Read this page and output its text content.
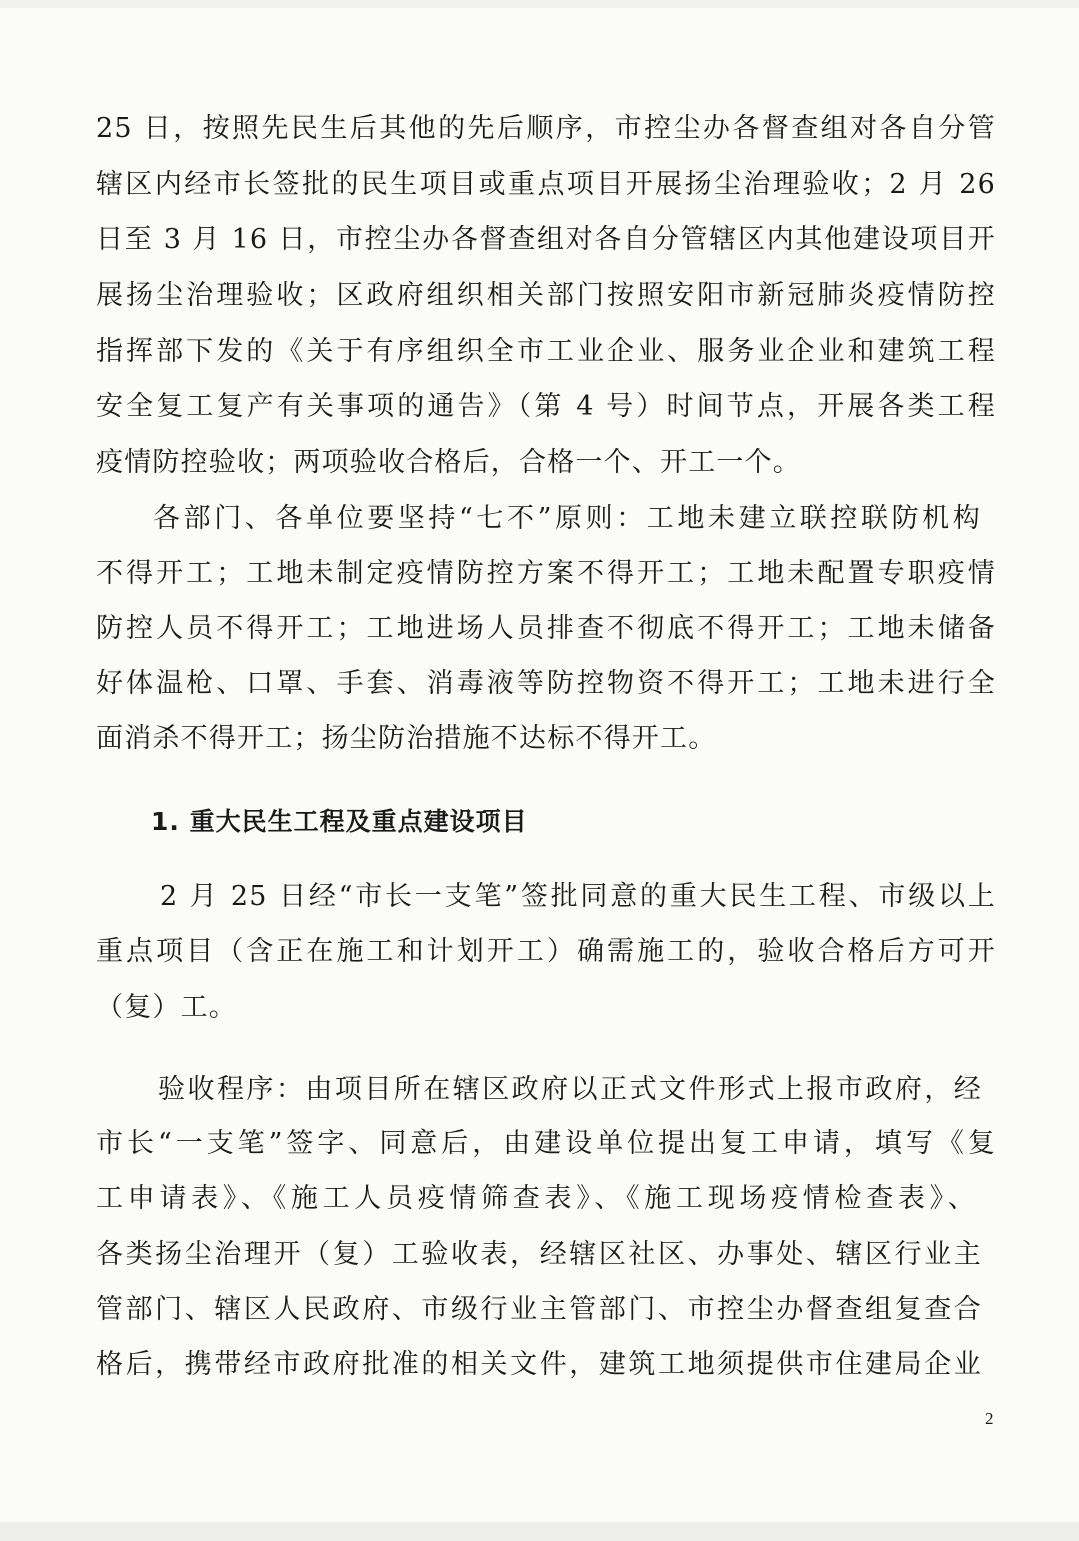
25 日，按照先民生后其他的先后顺序，市控尘办各督查组对各自分管
辖区内经市长签批的民生项目或重点项目开展扬尘治理验收；2 月 26
日至 3 月 16 日，市控尘办各督查组对各自分管辖区内其他建设项目开
展扬尘治理验收；区政府组织相关部门按照安阳市新冠肺炎疫情防控
指挥部下发的《关于有序组织全市工业企业、服务业企业和建筑工程
安全复工复产有关事项的通告》（第 4 号）时间节点，开展各类工程
疫情防控验收；两项验收合格后，合格一个、开工一个。
各部门、各单位要坚持“七不”原则：工地未建立联控联防机构
不得开工；工地未制定疫情防控方案不得开工；工地未配置专职疫情
防控人员不得开工；工地进场人员排查不彻底不得开工；工地未储备
好体温枪、口罩、手套、消毒液等防控物资不得开工；工地未进行全
面消杀不得开工；扬尘防治措施不达标不得开工。
1. 重大民生工程及重点建设项目
2 月 25 日经“市长一支笔”签批同意的重大民生工程、市级以上
重点项目（含正在施工和计划开工）确需施工的，验收合格后方可开
（复）工。
验收程序：由项目所在辖区政府以正式文件形式上报市政府，经
市长“一支笔”签字、同意后，由建设单位提出复工申请，填写《复
工申请表》、《施工人员疫情筛查表》、《施工现场疫情检查表》、
各类扬尘治理开（复）工验收表，经辖区社区、办事处、辖区行业主
管部门、辖区人民政府、市级行业主管部门、市控尘办督查组复查合
格后，携带经市政府批准的相关文件，建筑工地须提供市住建局企业
2
